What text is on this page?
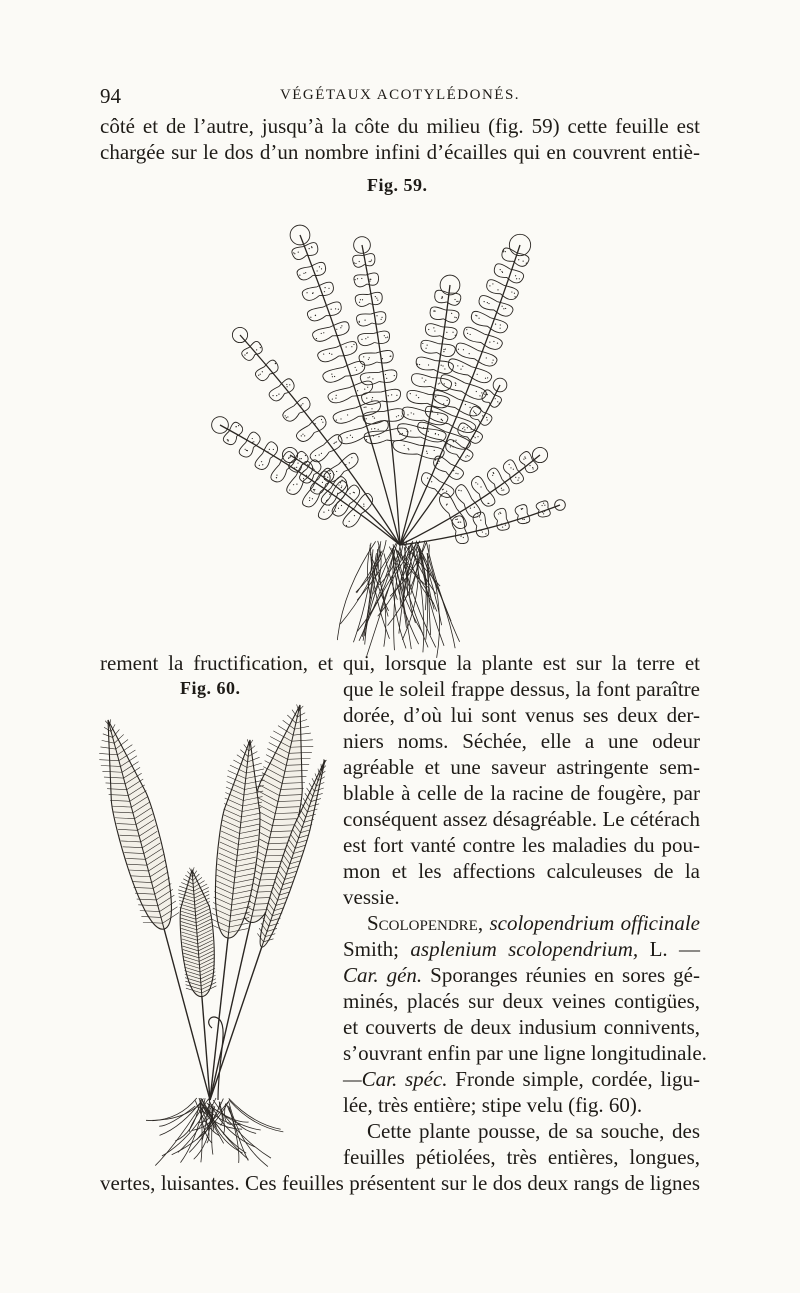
94	VÉGÉTAUX ACOTYLÉDONÉS.
côté et de l’autre, jusqu’à la côte du milieu (fig. 59) cette feuille est
chargée sur le dos d’un nombre infini d’écailles qui en couvrent entiè-
Fig. 59.
rement la fructification, et qui, lorsque la plante est sur la terre et
Fig. 60.	que le soleil frappe dessus, la font paraître
dorée, d’où lui sont venus ses deux der-
niers noms. Séchée, elle a une odeur
agréable et une saveur astringente sem-
blable à celle de la racine de fougère, par
conséquent assez désagréable. Le cétérach
est fort vanté contre les maladies du pou-
mon et les affections calculeuses de la
vessie.
Scolopendre, scolopendrium officinale
Smith; asplenium scolopendrium, L. —
Car. gén. Sporanges réunies en sores gé-
minés, placés sur deux veines contigües,
et couverts de deux indusium connivents,
s’ouvrant enfin par une ligne longitudinale.
—Car. spéc. Fronde simple, cordée, ligu-
lée, très entière; stipe velu (fig. 60).
Cette plante pousse, de sa souche, des
feuilles pétiolées, très entières, longues,
vertes, luisantes. Ces feuilles présentent sur le dos deux rangs de lignes
